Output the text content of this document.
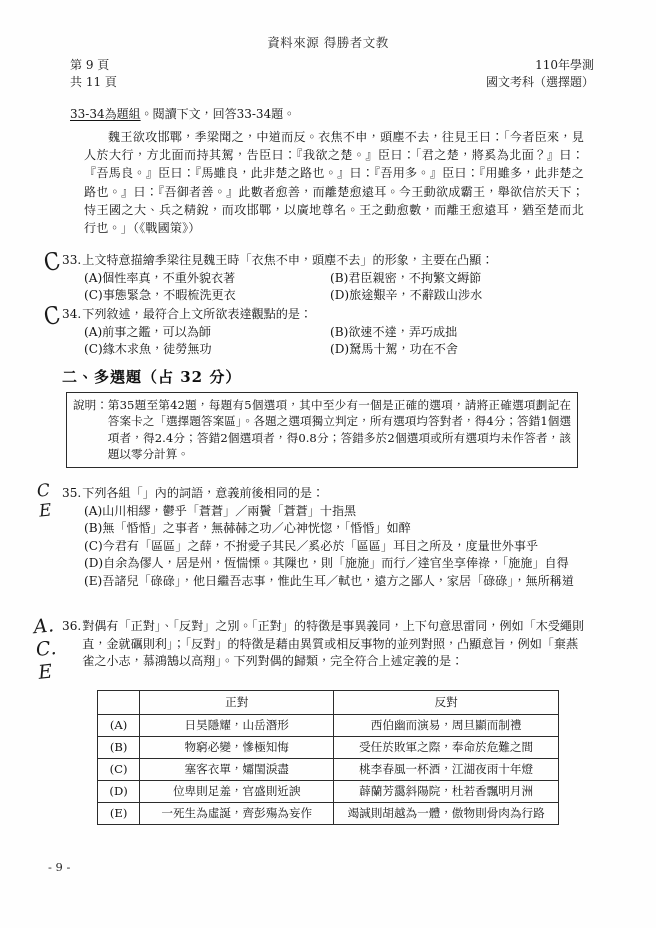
資料來源 得勝者文教
第 9 頁
共 11 頁
110年學測
國文考科（選擇題）
33-34為題組。閱讀下文，回答33-34題。
魏王欲攻邯鄲，季梁聞之，中道而反。衣焦不申，頭塵不去，往見王曰：「今者臣來，見人於大行，方北面而持其駕，告臣曰：『我欲之楚。』臣曰：「君之楚，將奚為北面？』曰：『吾馬良。』臣曰：『馬雖良，此非楚之路也。』曰：『吾用多。』臣曰：『用雖多，此非楚之路也。』曰：『吾御者善。』此數者愈善，而離楚愈遠耳。今王動欲成霸王，舉欲信於天下；恃王國之大、兵之精銳，而攻邯鄲，以廣地尊名。王之動愈數，而離王愈遠耳，猶至楚而北行也。」（《戰國策》）
33. 上文特意描繪季梁往見魏王時「衣焦不申，頭塵不去」的形象，主要在凸顯：
(A)個性率真，不重外貌衣著	(B)君臣親密，不拘繁文縟節
(C)事態緊急，不暇梳洗更衣	(D)旅途艱辛，不辭跋山涉水
34. 下列敘述，最符合上文所欲表達觀點的是：
(A)前事之鑑，可以為師	(B)欲速不達，弄巧成拙
(C)緣木求魚，徒勞無功	(D)駑馬十駕，功在不舍
二、多選題（占 32 分）
說明： 第35題至第42題，每題有5個選項，其中至少有一個是正確的選項，請將正確選項劃記在答案卡之「選擇題答案區」。各題之選項獨立判定，所有選項均答對者，得4分；答錯1個選項者，得2.4分；答錯2個選項者，得0.8分；答錯多於2個選項或所有選項均未作答者，該題以零分計算。
35. 下列各組「」內的詞語，意義前後相同的是：
(A) 山川相繆，鬱乎「蒼蒼」／兩鬢「蒼蒼」十指黑
(B) 無「惛惛」之事者，無赫赫之功／心神恍惚，「惛惛」如醉
(C) 今君有「區區」之薛，不拊愛子其民／奚必於「區區」耳目之所及，度量世外事乎
(D) 自余為僇人，居是州，恆惴慄。其隟也，則「施施」而行／達官坐享俸祿，「施施」自得
(E) 吾諸兒「碌碌」，他日繼吾志事，惟此生耳／軾也，遠方之鄙人，家居「碌碌」，無所稱道
36. 對偶有「正對」、「反對」之別。「正對」的特徵是事異義同，上下句意思雷同，例如「木受繩則直，金就礪則利」；「反對」的特徵是藉由異質或相反事物的並列對照，凸顯意旨，例如「棄燕雀之小志，慕鴻鵠以高翔」。下列對偶的歸類，完全符合上述定義的是：
	正對	反對
(A)	日昊隱耀，山岳潛形	西伯幽而演易，周旦顯而制禮
(B)	物窮必變，慘極知悔	受任於敗軍之際，奉命於危難之間
(C)	塞客衣單，孀閨淚盡	桃李春風一杯酒，江湖夜雨十年燈
(D)	位卑則足羞，官盛則近諛	薜蘭芳靄斜陽院，杜若香飄明月洲
(E)	一死生為虛誕，齊彭殤為妄作	竭誠則胡越為一體，傲物則骨肉為行路
C
C
C
E
A.
C.
E
- 9 -
